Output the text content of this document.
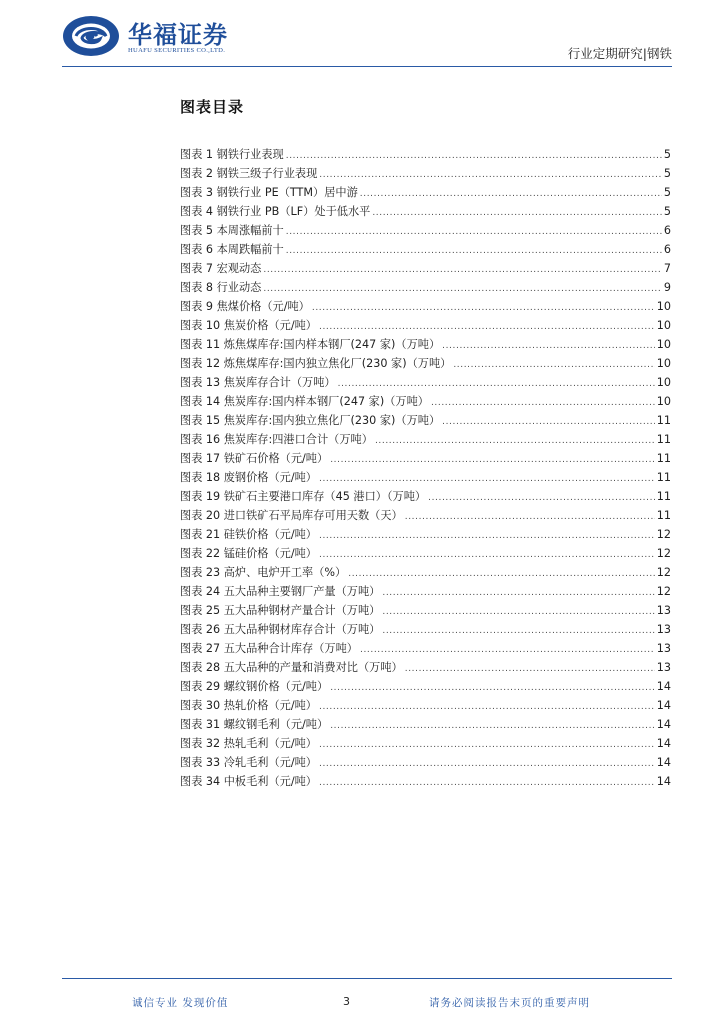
华福证券
HUAFU SECURITIES CO.,LTD.	行业定期研究|钢铁
图表目录
图表 1 钢铁行业表现 .....	5
图表 2 钢铁三级子行业表现 .....	5
图表 3 钢铁行业 PE（TTM）居中游 .....	5
图表 4 钢铁行业 PB（LF）处于低水平 .....	5
图表 5 本周涨幅前十 .....	6
图表 6 本周跌幅前十 .....	6
图表 7 宏观动态 .....	7
图表 8 行业动态 .....	9
图表 9 焦煤价格（元/吨） .....	10
图表 10 焦炭价格（元/吨） .....	10
图表 11 炼焦煤库存:国内样本钢厂(247 家)（万吨） .....	10
图表 12 炼焦煤库存:国内独立焦化厂(230 家)（万吨） .....	10
图表 13 焦炭库存合计（万吨） .....	10
图表 14 焦炭库存:国内样本钢厂(247 家)（万吨） .....	10
图表 15 焦炭库存:国内独立焦化厂(230 家)（万吨） .....	11
图表 16 焦炭库存:四港口合计（万吨） .....	11
图表 17 铁矿石价格（元/吨） .....	11
图表 18 废钢价格（元/吨） .....	11
图表 19 铁矿石主要港口库存（45 港口）（万吨） .....	11
图表 20 进口铁矿石平局库存可用天数（天） .....	11
图表 21 硅铁价格（元/吨） .....	12
图表 22 锰硅价格（元/吨） .....	12
图表 23 高炉、电炉开工率（%） .....	12
图表 24 五大品种主要钢厂产量（万吨） .....	12
图表 25 五大品种钢材产量合计（万吨） .....	13
图表 26 五大品种钢材库存合计（万吨） .....	13
图表 27 五大品种合计库存（万吨） .....	13
图表 28 五大品种的产量和消费对比（万吨） .....	13
图表 29 螺纹钢价格（元/吨） .....	14
图表 30 热轧价格（元/吨） .....	14
图表 31 螺纹钢毛利（元/吨） .....	14
图表 32 热轧毛利（元/吨） .....	14
图表 33 冷轧毛利（元/吨） .....	14
图表 34 中板毛利（元/吨） .....	14
诚信专业 发现价值	3	请务必阅读报告末页的重要声明
